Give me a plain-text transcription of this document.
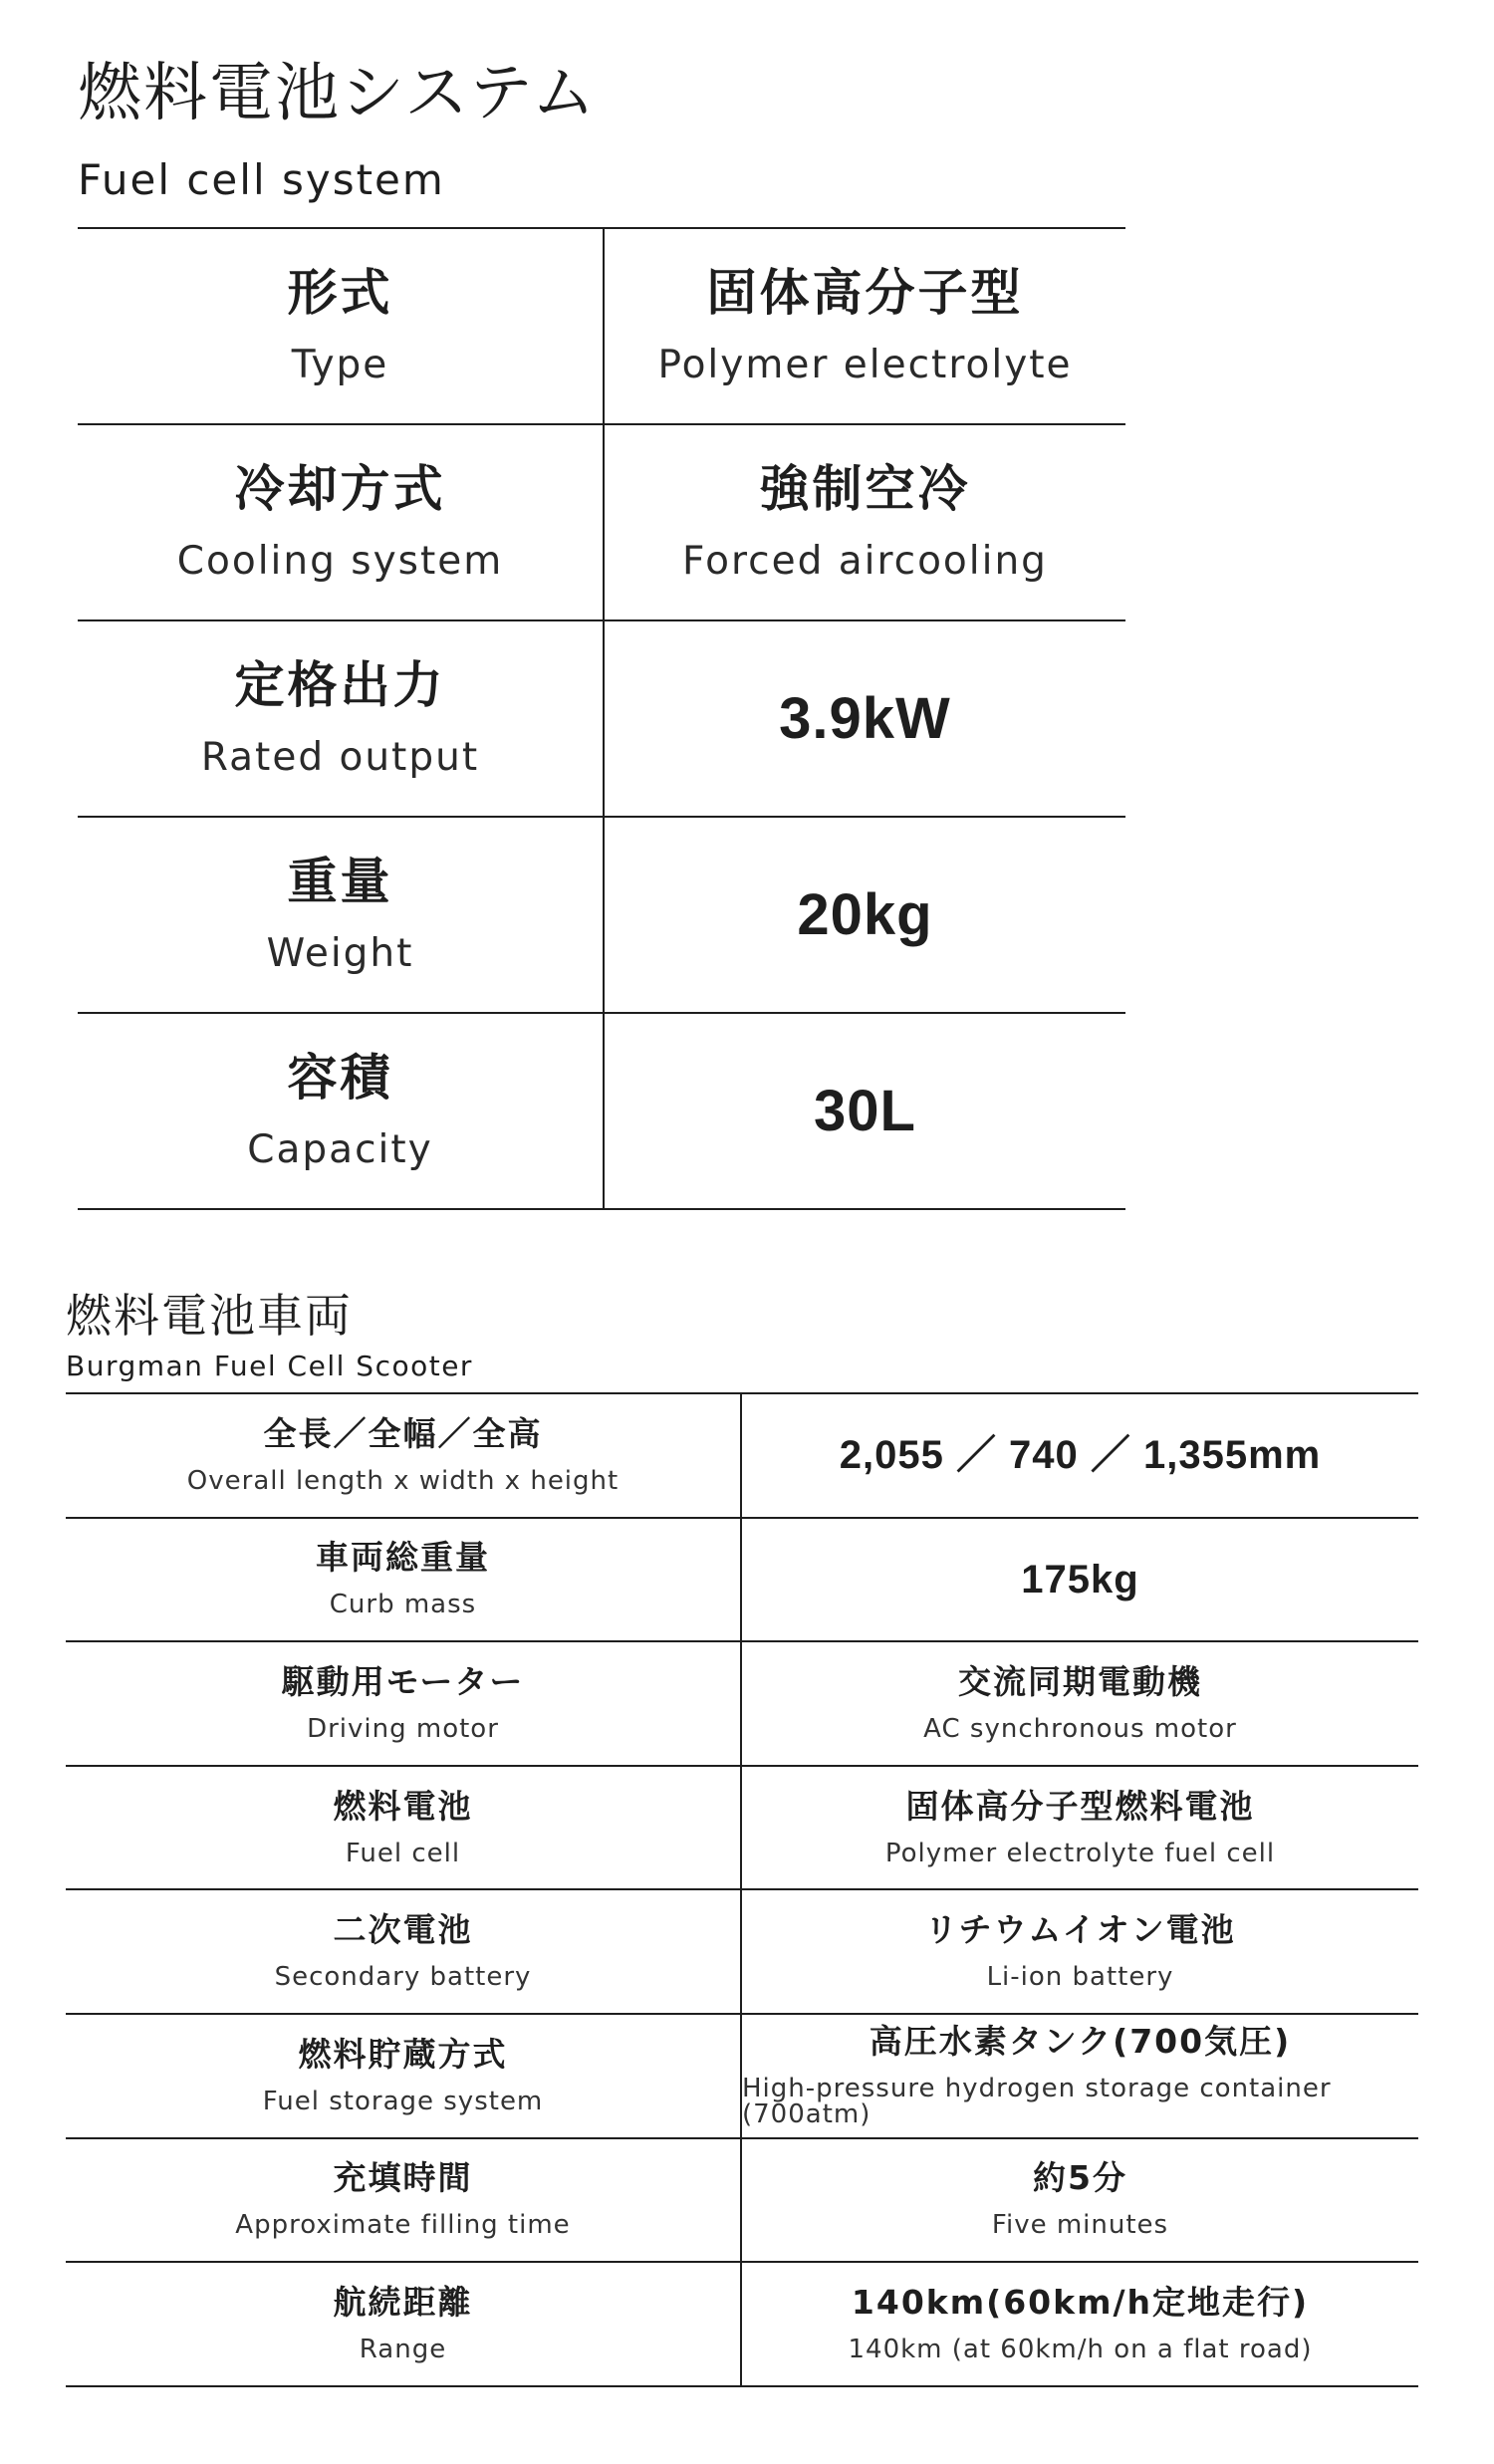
燃料電池システム
Fuel cell system
形式
Type
固体高分子型
Polymer electrolyte
冷却方式
Cooling system
強制空冷
Forced aircooling
定格出力
Rated output
3.9kW
重量
Weight
20kg
容積
Capacity
30L
燃料電池車両
Burgman Fuel Cell Scooter
全長／全幅／全高
Overall length x width x height
2,055 ／ 740 ／ 1,355mm
車両総重量
Curb mass
175kg
駆動用モーター
Driving motor
交流同期電動機
AC synchronous motor
燃料電池
Fuel cell
固体高分子型燃料電池
Polymer electrolyte fuel cell
二次電池
Secondary battery
リチウムイオン電池
Li-ion battery
燃料貯蔵方式
Fuel storage system
高圧水素タンク(700気圧)
High-pressure hydrogen storage container (700atm)
充填時間
Approximate filling time
約5分
Five minutes
航続距離
Range
140km(60km/h定地走行)
140km (at 60km/h on a flat road)
